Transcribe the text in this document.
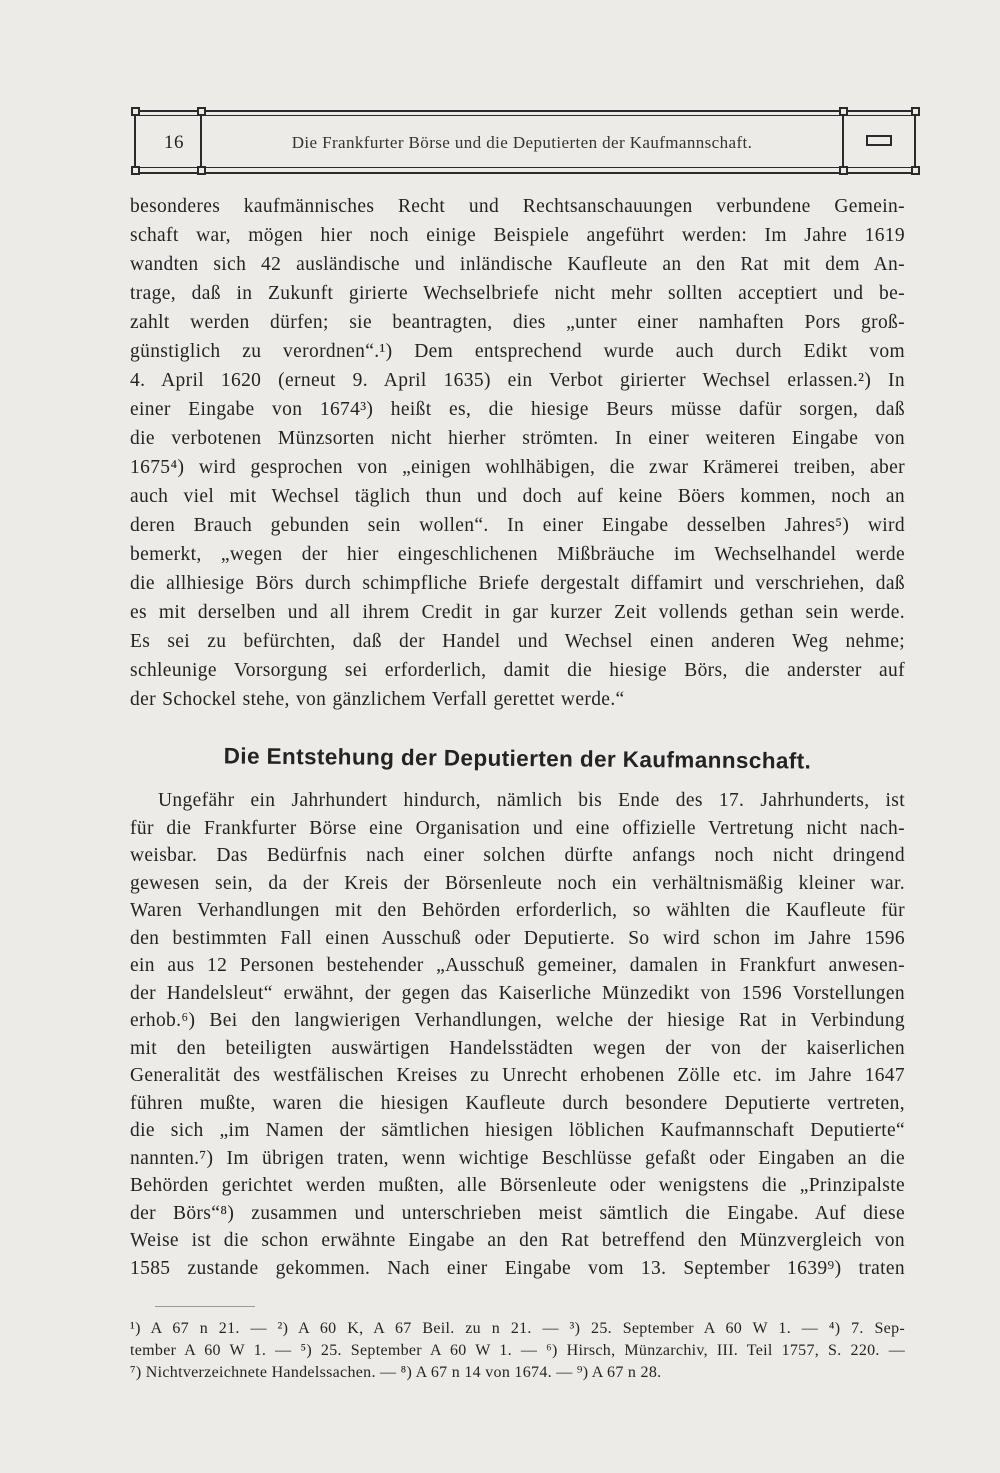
16	Die Frankfurter Börse und die Deputierten der Kaufmannschaft.
besonderes kaufmännisches Recht und Rechtsanschauungen verbundene Gemein-
schaft war, mögen hier noch einige Beispiele angeführt werden: Im Jahre 1619
wandten sich 42 ausländische und inländische Kaufleute an den Rat mit dem An-
trage, daß in Zukunft girierte Wechselbriefe nicht mehr sollten acceptiert und be-
zahlt werden dürfen; sie beantragten, dies „unter einer namhaften Pors groß-
günstiglich zu verordnen“.¹) Dem entsprechend wurde auch durch Edikt vom
4. April 1620 (erneut 9. April 1635) ein Verbot girierter Wechsel erlassen.²) In
einer Eingabe von 1674³) heißt es, die hiesige Beurs müsse dafür sorgen, daß
die verbotenen Münzsorten nicht hierher strömten. In einer weiteren Eingabe von
1675⁴) wird gesprochen von „einigen wohlhäbigen, die zwar Krämerei treiben, aber
auch viel mit Wechsel täglich thun und doch auf keine Böers kommen, noch an
deren Brauch gebunden sein wollen“. In einer Eingabe desselben Jahres⁵) wird
bemerkt, „wegen der hier eingeschlichenen Mißbräuche im Wechselhandel werde
die allhiesige Börs durch schimpfliche Briefe dergestalt diffamirt und verschriehen, daß
es mit derselben und all ihrem Credit in gar kurzer Zeit vollends gethan sein werde.
Es sei zu befürchten, daß der Handel und Wechsel einen anderen Weg nehme;
schleunige Vorsorgung sei erforderlich, damit die hiesige Börs, die anderster auf
der Schockel stehe, von gänzlichem Verfall gerettet werde.“
Die Entstehung der Deputierten der Kaufmannschaft.
Ungefähr ein Jahrhundert hindurch, nämlich bis Ende des 17. Jahrhunderts, ist
für die Frankfurter Börse eine Organisation und eine offizielle Vertretung nicht nach-
weisbar. Das Bedürfnis nach einer solchen dürfte anfangs noch nicht dringend
gewesen sein, da der Kreis der Börsenleute noch ein verhältnismäßig kleiner war.
Waren Verhandlungen mit den Behörden erforderlich, so wählten die Kaufleute für
den bestimmten Fall einen Ausschuß oder Deputierte. So wird schon im Jahre 1596
ein aus 12 Personen bestehender „Ausschuß gemeiner, damalen in Frankfurt anwesen-
der Handelsleut“ erwähnt, der gegen das Kaiserliche Münzedikt von 1596 Vorstellungen
erhob.⁶) Bei den langwierigen Verhandlungen, welche der hiesige Rat in Verbindung
mit den beteiligten auswärtigen Handelsstädten wegen der von der kaiserlichen
Generalität des westfälischen Kreises zu Unrecht erhobenen Zölle etc. im Jahre 1647
führen mußte, waren die hiesigen Kaufleute durch besondere Deputierte vertreten,
die sich „im Namen der sämtlichen hiesigen löblichen Kaufmannschaft Deputierte“
nannten.⁷) Im übrigen traten, wenn wichtige Beschlüsse gefaßt oder Eingaben an die
Behörden gerichtet werden mußten, alle Börsenleute oder wenigstens die „Prinzipalste
der Börs“⁸) zusammen und unterschrieben meist sämtlich die Eingabe. Auf diese
Weise ist die schon erwähnte Eingabe an den Rat betreffend den Münzvergleich von
1585 zustande gekommen. Nach einer Eingabe vom 13. September 1639⁹) traten
¹) A 67 n 21. — ²) A 60 K, A 67 Beil. zu n 21. — ³) 25. September A 60 W 1. — ⁴) 7. Sep-
tember A 60 W 1. — ⁵) 25. September A 60 W 1. — ⁶) Hirsch, Münzarchiv, III. Teil 1757, S. 220. —
⁷) Nichtverzeichnete Handelssachen. — ⁸) A 67 n 14 von 1674. — ⁹) A 67 n 28.
